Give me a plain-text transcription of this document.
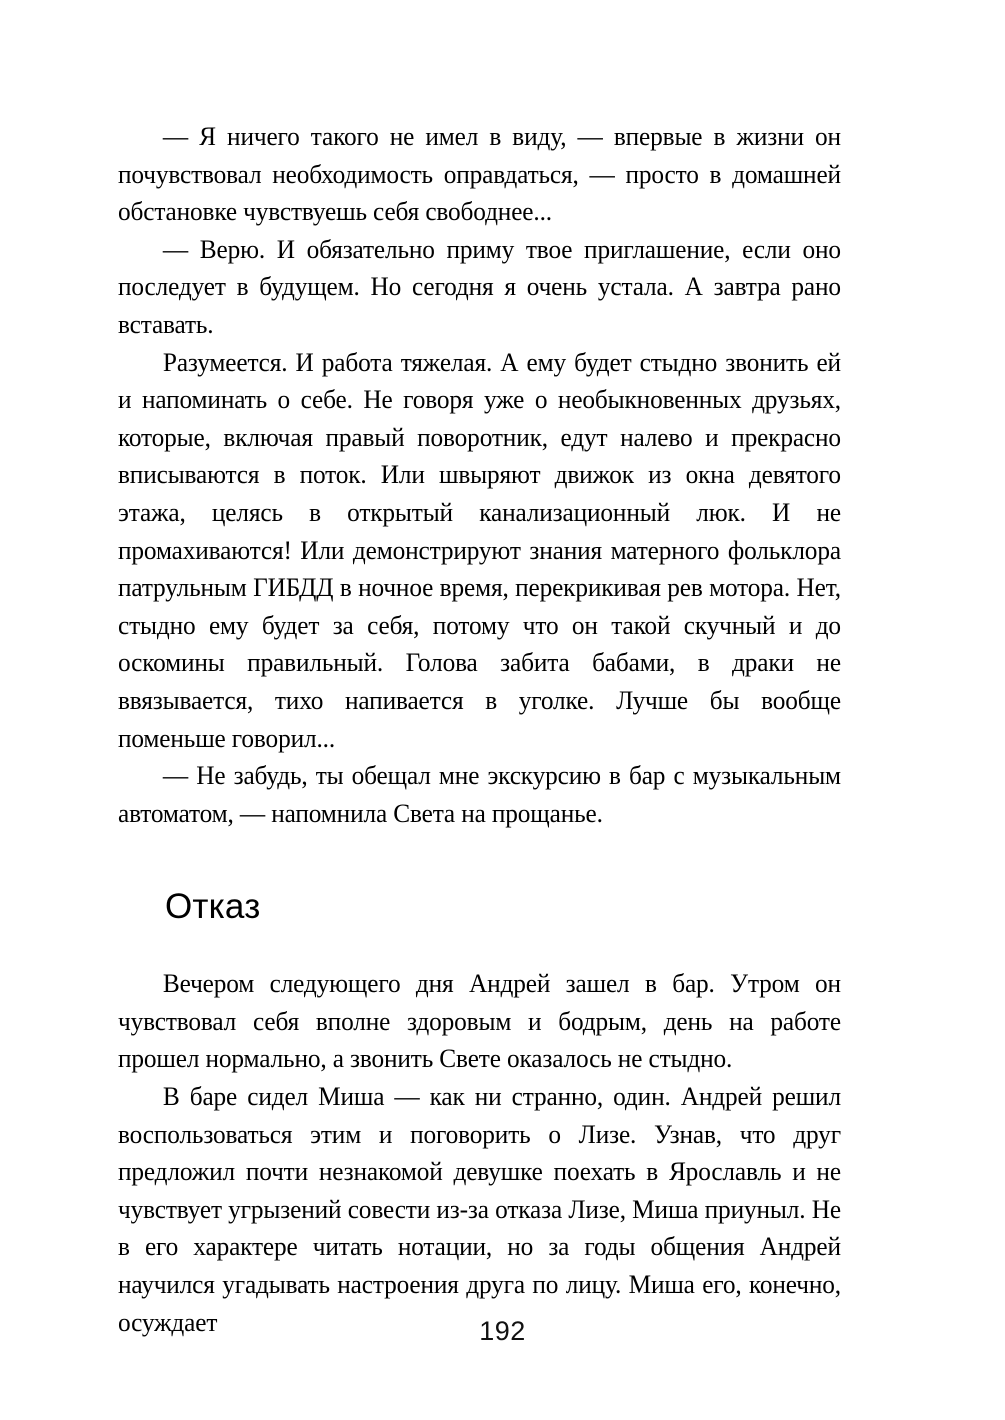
— Я ничего такого не имел в виду, — впервые в жизни он почувствовал необходимость оправдаться, — просто в домашней обстановке чувствуешь себя свободнее...

— Верю. И обязательно приму твое приглашение, если оно последует в будущем. Но сегодня я очень устала. А завтра рано вставать.

Разумеется. И работа тяжелая. А ему будет стыдно звонить ей и напоминать о себе. Не говоря уже о необыкновенных друзьях, которые, включая правый поворотник, едут налево и прекрасно вписываются в поток. Или швыряют движок из окна девятого этажа, целясь в открытый канализационный люк. И не промахиваются! Или демонстрируют знания матерного фольклора патрульным ГИБДД в ночное время, перекрикивая рев мотора. Нет, стыдно ему будет за себя, потому что он такой скучный и до оскомины правильный. Голова забита бабами, в драки не ввязывается, тихо напивается в уголке. Лучше бы вообще поменьше говорил...

— Не забудь, ты обещал мне экскурсию в бар с музыкальным автоматом, — напомнила Света на прощанье.

Отказ

Вечером следующего дня Андрей зашел в бар. Утром он чувствовал себя вполне здоровым и бодрым, день на работе прошел нормально, а звонить Свете оказалось не стыдно.

В баре сидел Миша — как ни странно, один. Андрей решил воспользоваться этим и поговорить о Лизе. Узнав, что друг предложил почти незнакомой девушке поехать в Ярославль и не чувствует угрызений совести из-за отказа Лизе, Миша приуныл. Не в его характере читать нотации, но за годы общения Андрей научился угадывать настроения друга по лицу. Миша его, конечно, осуждает	192
